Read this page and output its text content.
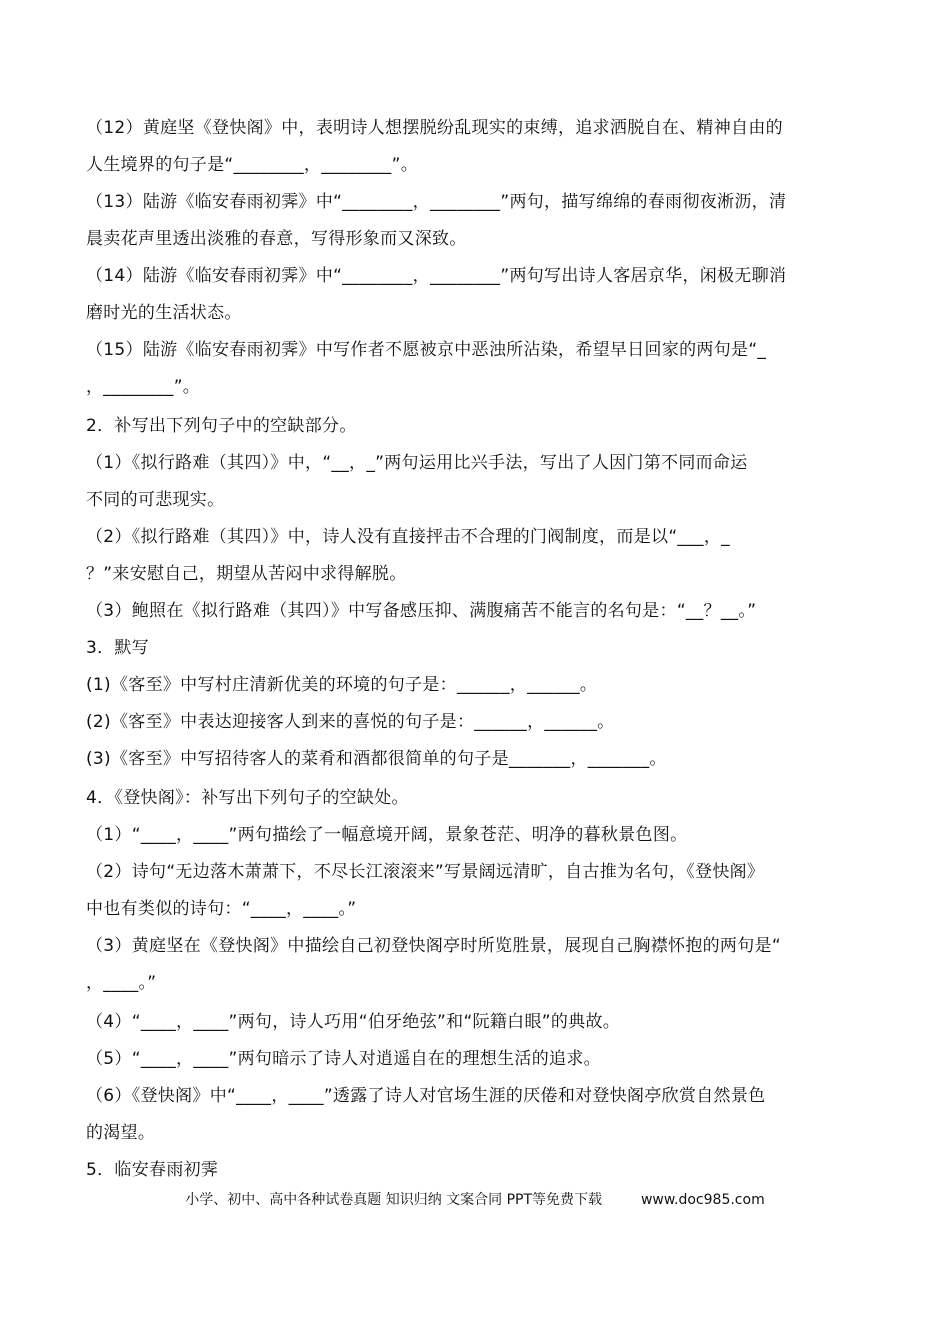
（12）黄庭坚《登快阁》中，表明诗人想摆脱纷乱现实的束缚，追求洒脱自在、精神自由的
人生境界的句子是“________，________”。
（13）陆游《临安春雨初霁》中“________，________”两句，描写绵绵的春雨彻夜淅沥，清
晨卖花声里透出淡雅的春意，写得形象而又深致。
（14）陆游《临安春雨初霁》中“________，________”两句写出诗人客居京华，闲极无聊消
磨时光的生活状态。
（15）陆游《临安春雨初霁》中写作者不愿被京中恶浊所沾染，希望早日回家的两句是“_
，________”。
2．补写出下列句子中的空缺部分。
（1）《拟行路难（其四）》中，“__，_”两句运用比兴手法，写出了人因门第不同而命运
不同的可悲现实。
（2）《拟行路难（其四）》中，诗人没有直接抨击不合理的门阀制度，而是以“___，_
？”来安慰自己，期望从苦闷中求得解脱。
（3）鲍照在《拟行路难（其四）》中写备感压抑、满腹痛苦不能言的名句是：“__？__。”
3．默写
(1)《客至》中写村庄清新优美的环境的句子是：______，______。
(2)《客至》中表达迎接客人到来的喜悦的句子是：______，______。
(3)《客至》中写招待客人的菜肴和酒都很简单的句子是_______，_______。
4．《登快阁》：补写出下列句子的空缺处。
（1）“____，____”两句描绘了一幅意境开阔，景象苍茫、明净的暮秋景色图。
（2）诗句“无边落木萧萧下，不尽长江滚滚来”写景阔远清旷，自古推为名句，《登快阁》
中也有类似的诗句：“____，____。”
（3）黄庭坚在《登快阁》中描绘自己初登快阁亭时所览胜景，展现自己胸襟怀抱的两句是“
，____。”
（4）“____，____”两句，诗人巧用“伯牙绝弦”和“阮籍白眼”的典故。
（5）“____，____”两句暗示了诗人对逍遥自在的理想生活的追求。
（6）《登快阁》中“____，____”透露了诗人对官场生涯的厌倦和对登快阁亭欣赏自然景色
的渴望。
5．临安春雨初霁
小学、初中、高中各种试卷真题 知识归纳 文案合同 PPT等免费下载	www.doc985.com
